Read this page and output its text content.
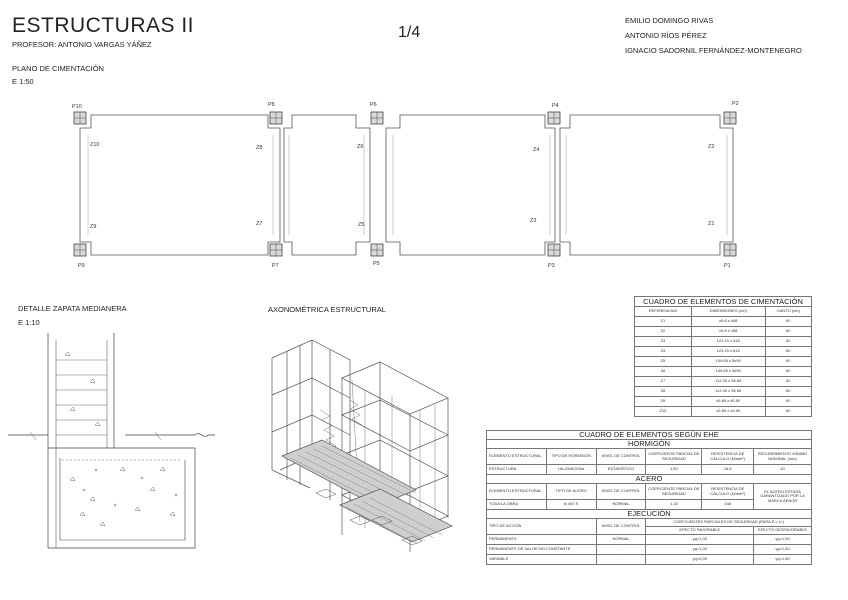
ESTRUCTURAS II
PROFESOR: ANTONIO VARGAS YÁÑEZ
1/4
EMILIO DOMINGO RIVAS
ANTONIO RÍOS PÉREZ
IGNACIO SADORNIL FERNÁNDEZ-MONTENEGRO
PLANO DE CIMENTACIÓN
E 1:50
P10	P8	P6	P4	P2
P9	P7	P5	P3	P1
Z10	Z8	Z6	Z4	Z2
Z9	Z7	Z5
Z3	Z1
DETALLE ZAPATA MEDIANERA
E 1:10
AXONOMÉTRICA ESTRUCTURAL
CUADRO DE ELEMENTOS DE CIMENTACIÓN		
REFERENCIAS	DIMENSIONES (cm)	CANTO (cm)
Z1	x5.8 x x58	60
Z2	x5.8 x x58	60
Z3	123.15 x 615	60
Z4	123.15 x 615	60
Z5	109.65 x 5x95	60
Z6	109.65 x 5x95	60
Z7	113.30 x 56.65	60
Z8	113.30 x 56.65	60
Z9	x5.80 x x5.80	60
Z10	x5.80 x x5.80	60
CUADRO DE ELEMENTOS SEGÚN EHE					
HORMIGÓN					
ELEMENTO ESTRUCTURAL	TIPO DE HORMIGÓN	NIVEL DE CONTROL	COEFICIENTE PARCIAL DE SEGURIDAD	RESISTENCIA DE CÁLCULO (N/mm²)	RECUBRIMIENTO MÍNIMO NOMINAL (mm)
ESTRUCTURA	HA-25/B/20/IIa	ESTADÍSTICO	1,50	16,6	40
ACERO					
ELEMENTO ESTRUCTURAL	TIPO DE ACERO	NIVEL DE CONTROL	COEFICIENTE PARCIAL DE SEGURIDAD	RESISTENCIA DE CÁLCULO (N/mm²)	EL ACERO ESTARÁ GARANTIZADO POR LA MARCA AENOR
TODA LA OBRA	B 400 S	NORMAL	1,15	348	
EJECUCIÓN					
TIPO DE ACCIÓN		NIVEL DE CONTROL	COEFICIENTES PARCIALES DE SEGURIDAD (PARA E.L.U.)		
			EFECTO FAVORABLE		EFECTO DESFAVORABLE
PERMANENTE		NORMAL	γg=1,00		γg=1,50
PERMANENTE DE VALOR NO CONSTANTE		-	γg=1,00		γg=1,60
VARIABLE		-	γq=0,00		γq=1,60
